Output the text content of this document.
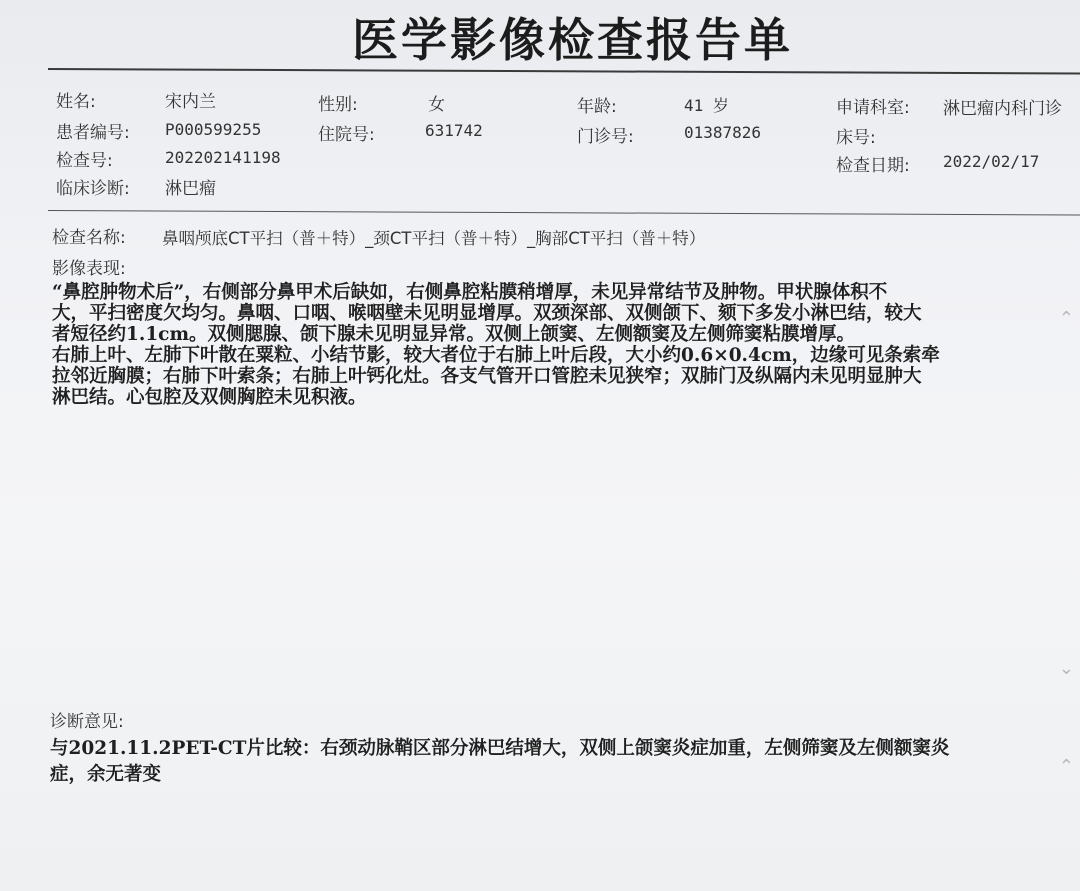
医学影像检查报告单
姓名:	宋内兰	性别:	女	年龄:	41 岁	申请科室: 淋巴瘤内科门诊
患者编号: P000599255	住院号:	631742	门诊号:	01387826	床号:
检查号:	202202141198	检查日期: 2022/02/17
临床诊断: 淋巴瘤
检查名称: 鼻咽颅底CT平扫（普＋特）_颈CT平扫（普＋特）_胸部CT平扫（普＋特）
影像表现:
“鼻腔肿物术后”，右侧部分鼻甲术后缺如，右侧鼻腔粘膜稍增厚，未见异常结节及肿物。甲状腺体积不
大，平扫密度欠均匀。鼻咽、口咽、喉咽壁未见明显增厚。双颈深部、双侧颌下、颏下多发小淋巴结，较大
者短径约1.1cm。双侧腮腺、颌下腺未见明显异常。双侧上颌窦、左侧额窦及左侧筛窦粘膜增厚。
右肺上叶、左肺下叶散在粟粒、小结节影，较大者位于右肺上叶后段，大小约0.6×0.4cm，边缘可见条索牵
拉邻近胸膜；右肺下叶索条；右肺上叶钙化灶。各支气管开口管腔未见狭窄；双肺门及纵隔内未见明显肿大
淋巴结。心包腔及双侧胸腔未见积液。
诊断意见:
与2021.11.2PET-CT片比较：右颈动脉鞘区部分淋巴结增大，双侧上颌窦炎症加重，左侧筛窦及左侧额窦炎
症，余无著变
⌃
⌄
⌃
